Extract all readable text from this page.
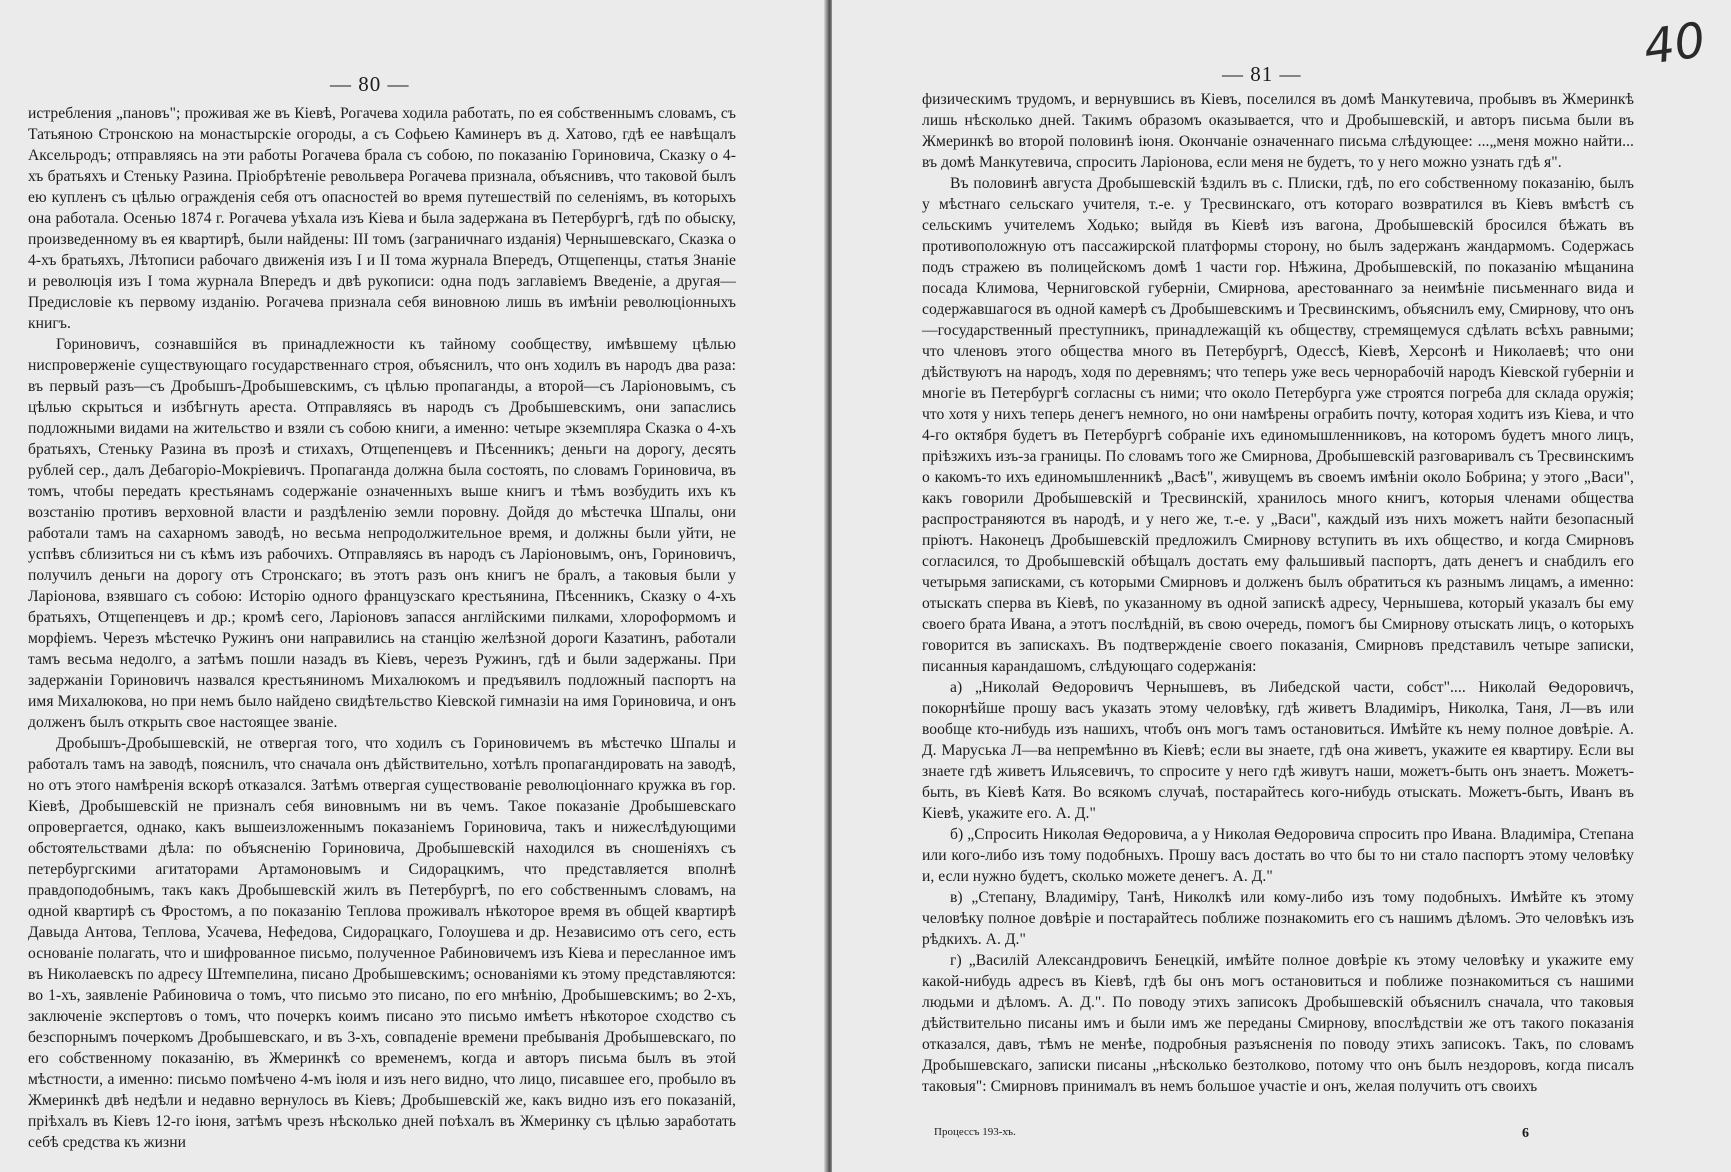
— 80 —

истребления „пановъ"; проживая же въ Кіевѣ, Рогачева ходила работать, по ея собственнымъ словамъ, съ Татьяною Стронскою на монастырскіе огороды, а съ Софьею Каминеръ въ д. Хатово, гдѣ ее навѣщалъ Аксельродъ; отправляясь на эти работы Рогачева брала съ собою, по показанію Гориновича, Сказку о 4-хъ братьяхъ и Стеньку Разина. Пріобрѣтеніе револьвера Рогачева признала, объяснивъ, что таковой былъ ею купленъ съ цѣлью огражденія себя отъ опасностей во время путешествій по селеніямъ, въ которыхъ она работала. Осенью 1874 г. Рогачева уѣхала изъ Кіева и была задержана въ Петербургѣ, гдѣ по обыску, произведенному въ ея квартирѣ, были найдены: III томъ (заграничнаго изданія) Чернышевскаго, Сказка о 4-хъ братьяхъ, Лѣтописи рабочаго движенія изъ I и II тома журнала Впередъ, Отщепенцы, статья Знаніе и революція изъ I тома журнала Впередъ и двѣ рукописи: одна подъ заглавіемъ Введеніе, а другая—Предисловіе къ первому изданію. Рогачева признала себя виновною лишь въ имѣніи революціонныхъ книгъ.

Гориновичъ, сознавшійся въ принадлежности къ тайному сообществу, имѣвшему цѣлью ниспроверженіе существующаго государственнаго строя, объяснилъ, что онъ ходилъ въ народъ два раза: въ первый разъ—съ Дробышъ-Дробышевскимъ, съ цѣлью пропаганды, а второй—съ Ларіоновымъ, съ цѣлью скрыться и избѣгнуть ареста. Отправляясь въ народъ съ Дробышевскимъ, они запаслись подложными видами на жительство и взяли съ собою книги, а именно: четыре экземпляра Сказка о 4-хъ братьяхъ, Стеньку Разина въ прозѣ и стихахъ, Отщепенцевъ и Пѣсенникъ; деньги на дорогу, десять рублей сер., далъ Дебагоріо-Мокріевичъ. Пропаганда должна была состоять, по словамъ Гориновича, въ томъ, чтобы передать крестьянамъ содержаніе означенныхъ выше книгъ и тѣмъ возбудить ихъ къ возстанію противъ верховной власти и раздѣленію земли поровну. Дойдя до мѣстечка Шпалы, они работали тамъ на сахарномъ заводѣ, но весьма непродолжительное время, и должны были уйти, не успѣвъ сблизиться ни съ кѣмъ изъ рабочихъ. Отправляясь въ народъ съ Ларіоновымъ, онъ, Гориновичъ, получилъ деньги на дорогу отъ Стронскаго; въ этотъ разъ онъ книгъ не бралъ, а таковыя были у Ларіонова, взявшаго съ собою: Исторію одного французскаго крестьянина, Пѣсенникъ, Сказку о 4-хъ братьяхъ, Отщепенцевъ и др.; кромѣ сего, Ларіоновъ запасся англійскими пилками, хлороформомъ и морфіемъ. Черезъ мѣстечко Ружинъ они направились на станцію желѣзной дороги Казатинъ, работали тамъ весьма недолго, а затѣмъ пошли назадъ въ Кіевъ, черезъ Ружинъ, гдѣ и были задержаны. При задержаніи Гориновичъ назвался крестьяниномъ Михалюкомъ и предъявилъ подложный паспортъ на имя Михалюкова, но при немъ было найдено свидѣтельство Кіевской гимназіи на имя Гориновича, и онъ долженъ былъ открыть свое настоящее званіе.

Дробышъ-Дробышевскій, не отвергая того, что ходилъ съ Гориновичемъ въ мѣстечко Шпалы и работалъ тамъ на заводѣ, пояснилъ, что сначала онъ дѣйствительно, хотѣлъ пропагандировать на заводѣ, но отъ этого намѣренія вскорѣ отказался. Затѣмъ отвергая существованіе революціоннаго кружка въ гор. Кіевѣ, Дробышевскій не призналъ себя виновнымъ ни въ чемъ. Такое показаніе Дробышевскаго опровергается, однако, какъ вышеизложеннымъ показаніемъ Гориновича, такъ и нижеслѣдующими обстоятельствами дѣла: по объясненію Гориновича, Дробышевскій находился въ сношеніяхъ съ петербургскими агитаторами Артамоновымъ и Сидорацкимъ, что представляется вполнѣ правдоподобнымъ, такъ какъ Дробышевскій жилъ въ Петербургѣ, по его собственнымъ словамъ, на одной квартирѣ съ Фростомъ, а по показанію Теплова проживалъ нѣкоторое время въ общей квартирѣ Давыда Антова, Теплова, Усачева, Нефедова, Сидорацкаго, Голоушева и др. Независимо отъ сего, есть основаніе полагать, что и шифрованное письмо, полученное Рабиновичемъ изъ Кіева и пересланное имъ въ Николаевскъ по адресу Штемпелина, писано Дробышевскимъ; основаніями къ этому представляются: во 1-хъ, заявленіе Рабиновича о томъ, что письмо это писано, по его мнѣнію, Дробышевскимъ; во 2-хъ, заключеніе экспертовъ о томъ, что почеркъ коимъ писано это письмо имѣетъ нѣкоторое сходство съ безспорнымъ почеркомъ Дробышевскаго, и въ 3-хъ, совпаденіе времени пребыванія Дробышевскаго, по его собственному показанію, въ Жмеринкѣ со временемъ, когда и авторъ письма былъ въ этой мѣстности, а именно: письмо помѣчено 4-мъ іюля и изъ него видно, что лицо, писавшее его, пробыло въ Жмеринкѣ двѣ недѣли и недавно вернулось въ Кіевъ; Дробышевскій же, какъ видно изъ его показаній, пріѣхалъ въ Кіевъ 12-го іюня, затѣмъ чрезъ нѣсколько дней поѣхалъ въ Жмеринку съ цѣлью заработать себѣ средства къ жизни

40
— 81 —

физическимъ трудомъ, и вернувшись въ Кіевъ, поселился въ домѣ Манкутевича, пробывъ въ Жмеринкѣ лишь нѣсколько дней. Такимъ образомъ оказывается, что и Дробышевскій, и авторъ письма были въ Жмеринкѣ во второй половинѣ іюня. Окончаніе означеннаго письма слѣдующее: ...„меня можно найти... въ домѣ Манкутевича, спросить Ларіонова, если меня не будетъ, то у него можно узнать гдѣ я".

Въ половинѣ августа Дробышевскій ѣздилъ въ с. Плиски, гдѣ, по его собственному показанію, былъ у мѣстнаго сельскаго учителя, т.-е. у Тресвинскаго, отъ котораго возвратился въ Кіевъ вмѣстѣ съ сельскимъ учителемъ Ходько; выйдя въ Кіевѣ изъ вагона, Дробышевскій бросился бѣжать въ противоположную отъ пассажирской платформы сторону, но былъ задержанъ жандармомъ. Содержась подъ стражею въ полицейскомъ домѣ 1 части гор. Нѣжина, Дробышевскій, по показанію мѣщанина посада Климова, Черниговской губерніи, Смирнова, арестованнаго за неимѣніе письменнаго вида и содержавшагося въ одной камерѣ съ Дробышевскимъ и Тресвинскимъ, объяснилъ ему, Смирнову, что онъ—государственный преступникъ, принадлежащій къ обществу, стремящемуся сдѣлать всѣхъ равными; что членовъ этого общества много въ Петербургѣ, Одессѣ, Кіевѣ, Херсонѣ и Николаевѣ; что они дѣйствуютъ на народъ, ходя по деревнямъ; что теперь уже весь чернорабочій народъ Кіевской губерніи и многіе въ Петербургѣ согласны съ ними; что около Петербурга уже строятся погреба для склада оружія; что хотя у нихъ теперь денегъ немного, но они намѣрены ограбить почту, которая ходитъ изъ Кіева, и что 4-го октября будетъ въ Петербургѣ собраніе ихъ единомышленниковъ, на которомъ будетъ много лицъ, пріѣзжихъ изъ-за границы. По словамъ того же Смирнова, Дробышевскій разговаривалъ съ Тресвинскимъ о какомъ-то ихъ единомышленникѣ „Васѣ", живущемъ въ своемъ имѣніи около Бобрина; у этого „Васи", какъ говорили Дробышевскій и Тресвинскій, хранилось много книгъ, которыя членами общества распространяются въ народѣ, и у него же, т.-е. у „Васи", каждый изъ нихъ можетъ найти безопасный пріютъ. Наконецъ Дробышевскій предложилъ Смирнову вступить въ ихъ общество, и когда Смирновъ согласился, то Дробышевскій обѣщалъ достать ему фальшивый паспортъ, дать денегъ и снабдилъ его четырьмя записками, съ которыми Смирновъ и долженъ былъ обратиться къ разнымъ лицамъ, а именно: отыскать сперва въ Кіевѣ, по указанному въ одной запискѣ адресу, Чернышева, который указалъ бы ему своего брата Ивана, а этотъ послѣдній, въ свою очередь, помогъ бы Смирнову отыскать лицъ, о которыхъ говорится въ запискахъ. Въ подтвержденіе своего показанія, Смирновъ представилъ четыре записки, писанныя карандашомъ, слѣдующаго содержанія:

а) „Николай Ѳедоровичъ Чернышевъ, въ Либедской части, собст".... Николай Ѳедоровичъ, покорнѣйше прошу васъ указать этому человѣку, гдѣ живетъ Владиміръ, Николка, Таня, Л—въ или вообще кто-нибудь изъ нашихъ, чтобъ онъ могъ тамъ остановиться. Имѣйте къ нему полное довѣріе. А. Д. Маруська Л—ва непремѣнно въ Кіевѣ; если вы знаете, гдѣ она живетъ, укажите ея квартиру. Если вы знаете гдѣ живетъ Ильясевичъ, то спросите у него гдѣ живутъ наши, можетъ-быть онъ знаетъ. Можетъ-быть, въ Кіевѣ Катя. Во всякомъ случаѣ, постарайтесь кого-нибудь отыскать. Можетъ-быть, Иванъ въ Кіевѣ, укажите его. А. Д."

б) „Спросить Николая Ѳедоровича, а у Николая Ѳедоровича спросить про Ивана. Владиміра, Степана или кого-либо изъ тому подобныхъ. Прошу васъ достать во что бы то ни стало паспортъ этому человѣку и, если нужно будетъ, сколько можете денегъ. А. Д."

в) „Степану, Владиміру, Танѣ, Николкѣ или кому-либо изъ тому подобныхъ. Имѣйте къ этому человѣку полное довѣріе и постарайтесь поближе познакомить его съ нашимъ дѣломъ. Это человѣкъ изъ рѣдкихъ. А. Д."

г) „Василій Александровичъ Бенецкій, имѣйте полное довѣріе къ этому человѣку и укажите ему какой-нибудь адресъ въ Кіевѣ, гдѣ бы онъ могъ остановиться и поближе познакомиться съ нашими людьми и дѣломъ. А. Д.". По поводу этихъ записокъ Дробышевскій объяснилъ сначала, что таковыя дѣйствительно писаны имъ и были имъ же переданы Смирнову, впослѣдствіи же отъ такого показанія отказался, давъ, тѣмъ не менѣе, подробныя разъясненія по поводу этихъ записокъ. Такъ, по словамъ Дробышевскаго, записки писаны „нѣсколько безтолково, потому что онъ былъ нездоровъ, когда писалъ таковыя": Смирновъ принималъ въ немъ большое участіе и онъ, желая получить отъ своихъ

Процессъ 193-хъ.	6
